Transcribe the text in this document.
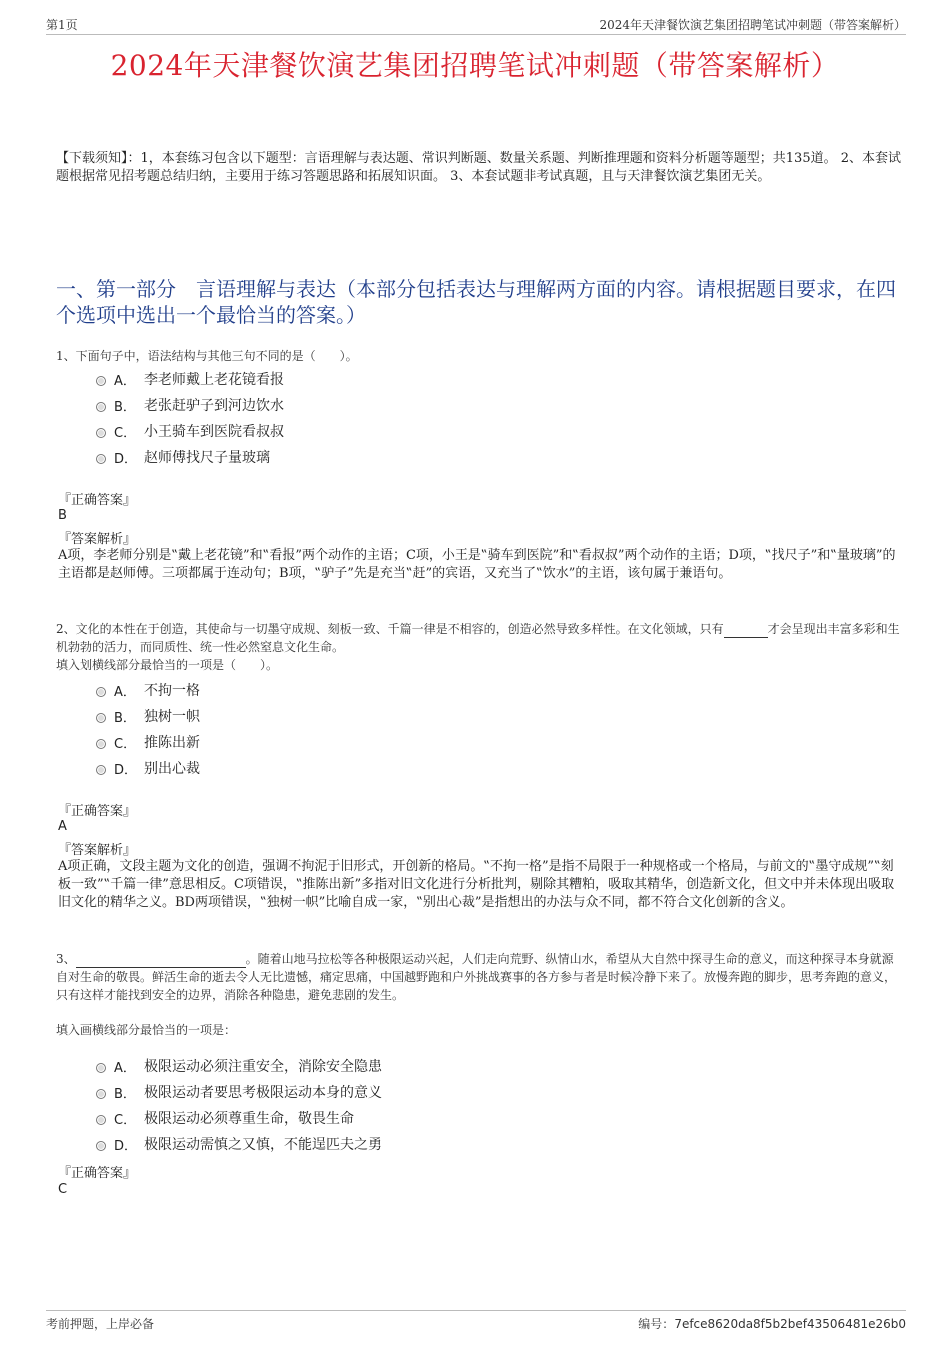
第1页	2024年天津餐饮演艺集团招聘笔试冲刺题（带答案解析）
2024年天津餐饮演艺集团招聘笔试冲刺题（带答案解析）
【下载须知】：1，本套练习包含以下题型：言语理解与表达题、常识判断题、数量关系题、判断推理题和资料分析题等题型；共135道。 2、本套试题根据常见招考题总结归纳，主要用于练习答题思路和拓展知识面。 3、本套试题非考试真题，且与天津餐饮演艺集团无关。
一、第一部分　言语理解与表达（本部分包括表达与理解两方面的内容。请根据题目要求，在四个选项中选出一个最恰当的答案。）
1、下面句子中，语法结构与其他三句不同的是（　　）。
A． 李老师戴上老花镜看报
B． 老张赶驴子到河边饮水
C． 小王骑车到医院看叔叔
D． 赵师傅找尺子量玻璃
『正确答案』
B
『答案解析』
A项，李老师分别是‟戴上老花镜”和‟看报”两个动作的主语；C项，小王是‟骑车到医院”和‟看叔叔”两个动作的主语；D项，‟找尺子”和‟量玻璃”的主语都是赵师傅。三项都属于连动句；B项，‟驴子”先是充当‟赶”的宾语，又充当了‟饮水”的主语，该句属于兼语句。
2、文化的本性在于创造，其使命与一切墨守成规、刻板一致、千篇一律是不相容的，创造必然导致多样性。在文化领域，只有	才会呈现出丰富多彩和生机勃勃的活力，而同质性、统一性必然窒息文化生命。
填入划横线部分最恰当的一项是（　　）。
A． 不拘一格
B． 独树一帜
C． 推陈出新
D． 别出心裁
『正确答案』
A
『答案解析』
A项正确，文段主题为文化的创造，强调不拘泥于旧形式，开创新的格局。‟不拘一格”是指不局限于一种规格或一个格局，与前文的‟墨守成规”‟刻板一致”‟千篇一律”意思相反。C项错误，‟推陈出新”多指对旧文化进行分析批判，剔除其糟粕，吸取其精华，创造新文化，但文中并未体现出吸取旧文化的精华之义。BD两项错误，‟独树一帜”比喻自成一家，‟别出心裁”是指想出的办法与众不同，都不符合文化创新的含义。
3、	。随着山地马拉松等各种极限运动兴起，人们走向荒野、纵情山水，希望从大自然中探寻生命的意义，而这种探寻本身就源自对生命的敬畏。鲜活生命的逝去令人无比遗憾，痛定思痛，中国越野跑和户外挑战赛事的各方参与者是时候冷静下来了。放慢奔跑的脚步，思考奔跑的意义，只有这样才能找到安全的边界，消除各种隐患，避免悲剧的发生。
填入画横线部分最恰当的一项是：
A． 极限运动必须注重安全，消除安全隐患
B． 极限运动者要思考极限运动本身的意义
C． 极限运动必须尊重生命，敬畏生命
D． 极限运动需慎之又慎，不能逞匹夫之勇
『正确答案』
C
考前押题，上岸必备	编号：7efce8620da8f5b2bef43506481e26b0
